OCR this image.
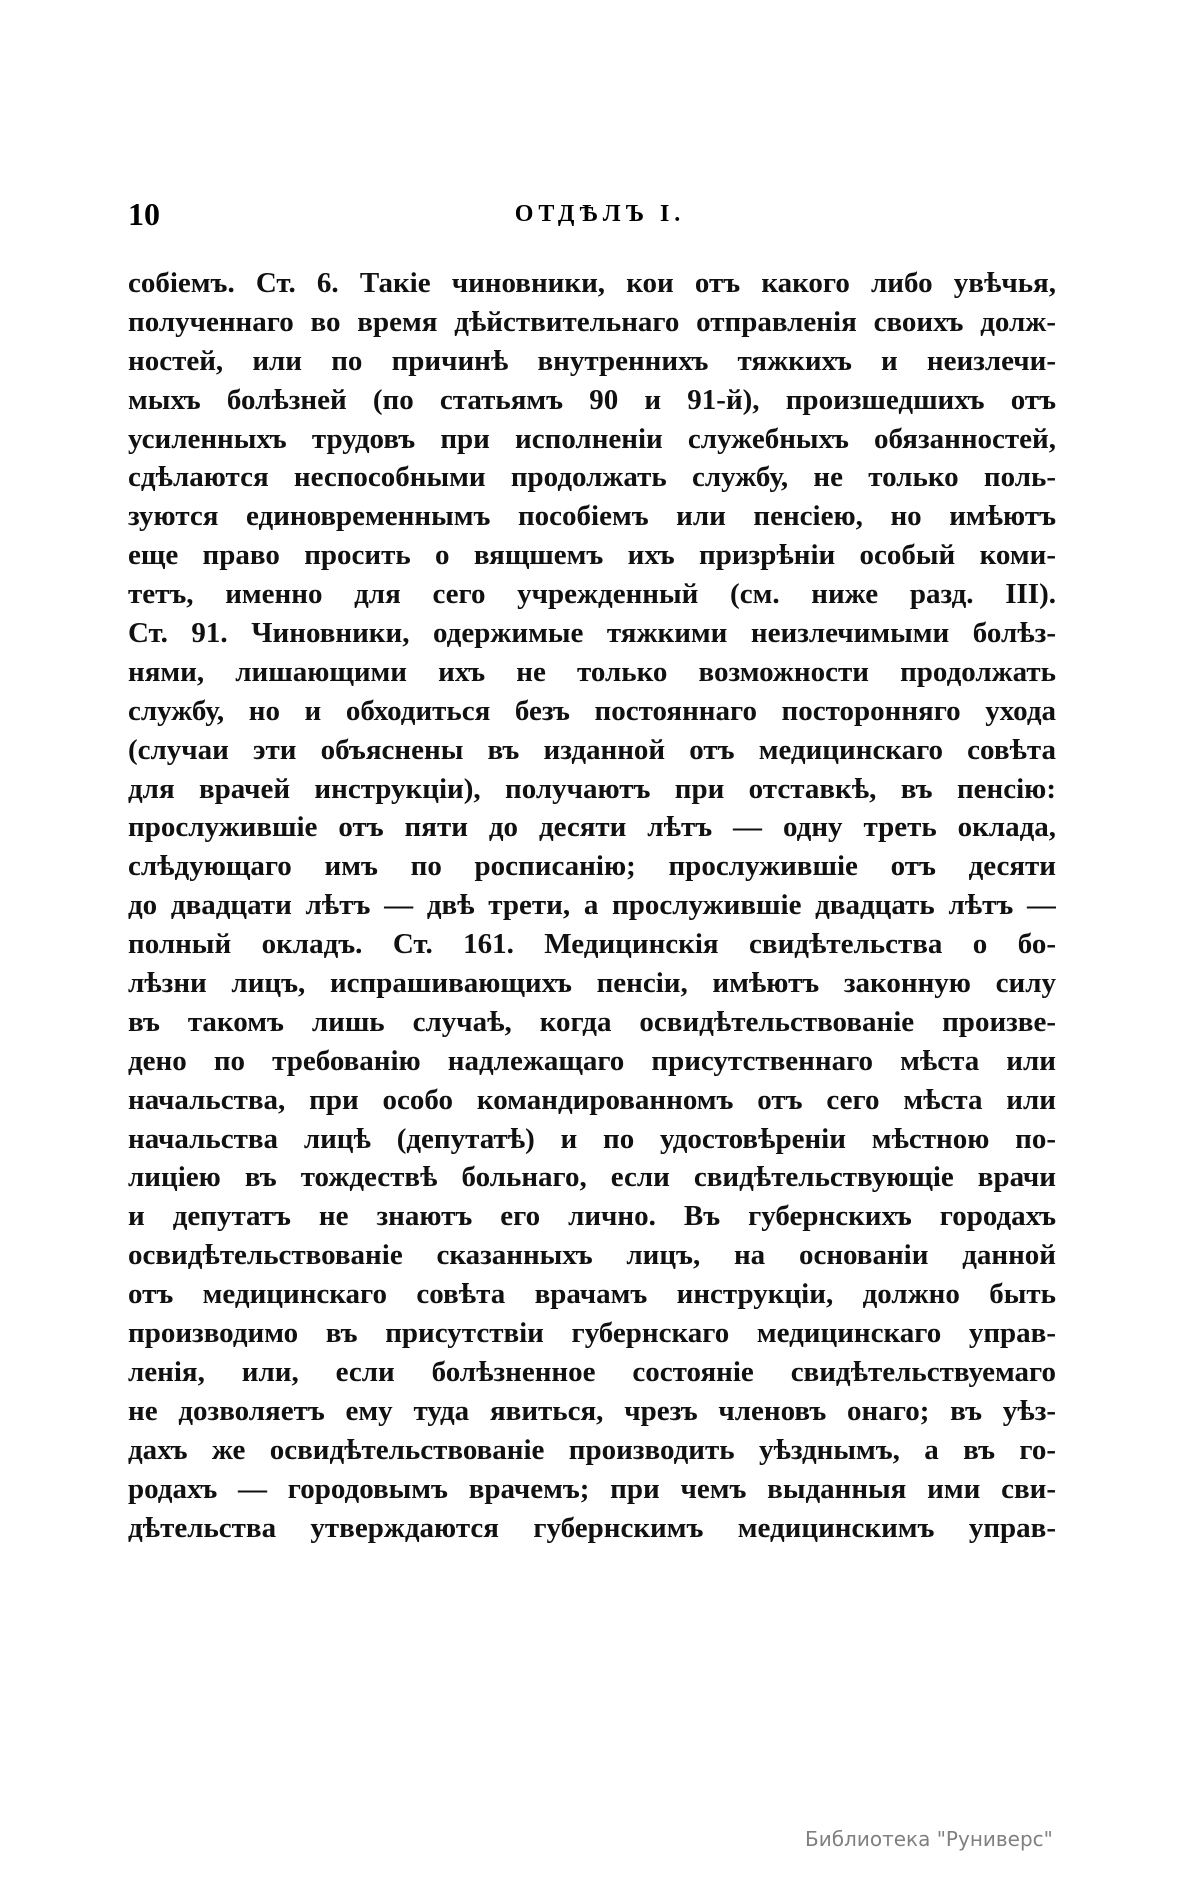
10	ОТДѢЛЪ I.
собіемъ. Ст. 6. Такіе чиновники, кои отъ какого либо увѣчья,
полученнаго во время дѣйствительнаго отправленія своихъ долж-
ностей, или по причинѣ внутреннихъ тяжкихъ и неизлечи-
мыхъ болѣзней (по статьямъ 90 и 91-й), произшедшихъ отъ
усиленныхъ трудовъ при исполненіи служебныхъ обязанностей,
сдѣлаются неспособными продолжать службу, не только поль-
зуются единовременнымъ пособіемъ или пенсіею, но имѣютъ
еще право просить о вящшемъ ихъ призрѣніи особый коми-
тетъ, именно для сего учрежденный (см. ниже разд. III).
Ст. 91. Чиновники, одержимые тяжкими неизлечимыми болѣз-
нями, лишающими ихъ не только возможности продолжать
службу, но и обходиться безъ постояннаго посторонняго ухода
(случаи эти объяснены въ изданной отъ медицинскаго совѣта
для врачей инструкціи), получаютъ при отставкѣ, въ пенсію:
прослужившіе отъ пяти до десяти лѣтъ — одну треть оклада,
слѣдующаго имъ по росписанію; прослужившіе отъ десяти
до двадцати лѣтъ — двѣ трети, а прослужившіе двадцать лѣтъ —
полный окладъ. Ст. 161. Медицинскія свидѣтельства о бо-
лѣзни лицъ, испрашивающихъ пенсіи, имѣютъ законную силу
въ такомъ лишь случаѣ, когда освидѣтельствованіе произве-
дено по требованію надлежащаго присутственнаго мѣста или
начальства, при особо командированномъ отъ сего мѣста или
начальства лицѣ (депутатѣ) и по удостовѣреніи мѣстною по-
лиціею въ тождествѣ больнаго, если свидѣтельствующіе врачи
и депутатъ не знаютъ его лично. Въ губернскихъ городахъ
освидѣтельствованіе сказанныхъ лицъ, на основаніи данной
отъ медицинскаго совѣта врачамъ инструкціи, должно быть
производимо въ присутствіи губернскаго медицинскаго управ-
ленія, или, если болѣзненное состояніе свидѣтельствуемаго
не дозволяетъ ему туда явиться, чрезъ членовъ онаго; въ уѣз-
дахъ же освидѣтельствованіе производить уѣзднымъ, а въ го-
родахъ — городовымъ врачемъ; при чемъ выданныя ими сви-
дѣтельства утверждаются губернскимъ медицинскимъ управ-
Библиотека "Руниверс"
